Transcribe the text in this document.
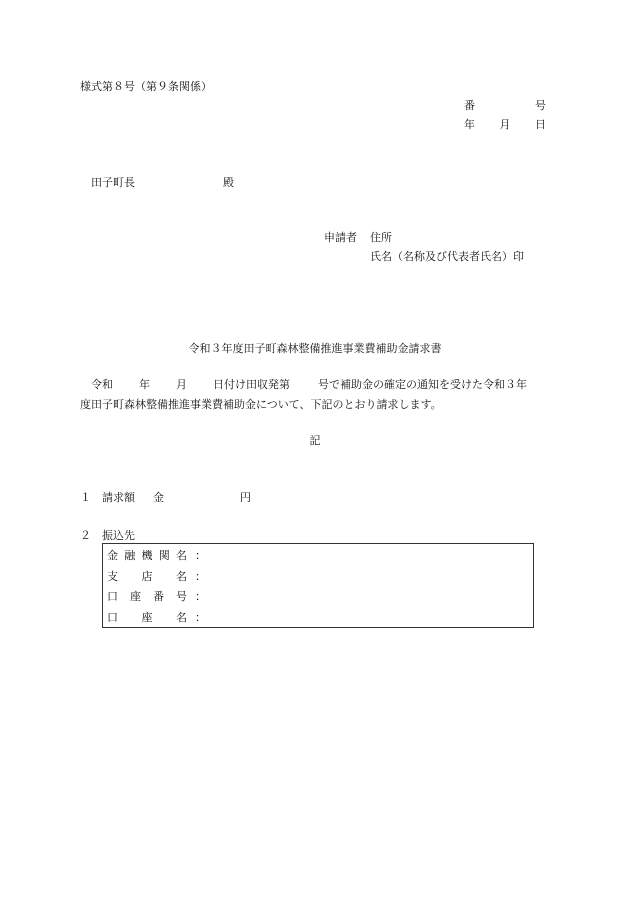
様式第８号（第９条関係）
番	号
年 月 日
田子町長	殿
申請者 住所
氏名（名称及び代表者氏名）印
令和３年度田子町森林整備推進事業費補助金請求書
令和 年 月 日付け田収発第	号で補助金の確定の通知を受けた令和３年
度田子町森林整備推進事業費補助金について、下記のとおり請求します。
記
１ 請求額 金	円
２ 振込先
金 融 機 関 名 ：
支 店 名 ：
口 座 番 号 ：
口 座 名 ：
